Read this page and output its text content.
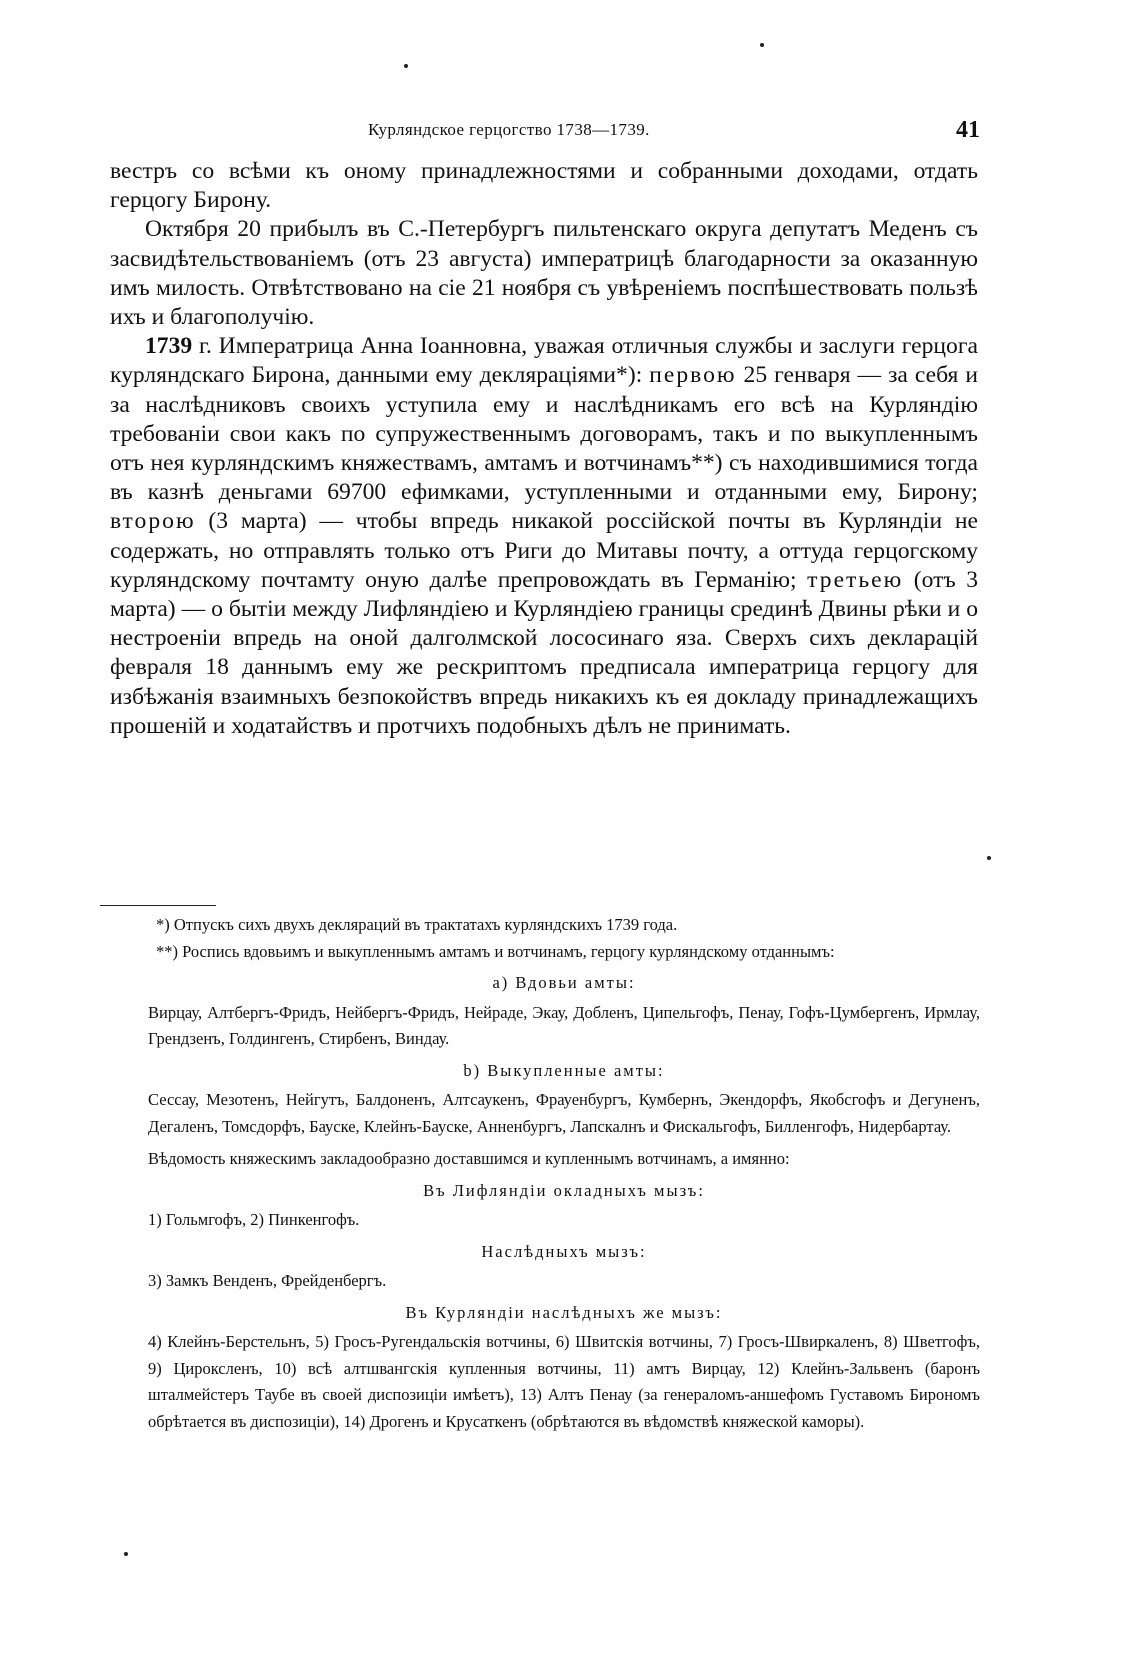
Курляндское герцогство 1738—1739.	41

вестръ со всѣми къ оному принадлежностями и собранными доходами, отдать герцогу Бирону.

Октября 20 прибылъ въ С.-Петербургъ пильтенскаго округа депутатъ Меденъ съ засвидѣтельствованіемъ (отъ 23 августа) императрицѣ благодарности за оказанную имъ милость. Отвѣтствовано на сіе 21 ноября съ увѣреніемъ поспѣшествовать пользѣ ихъ и благополучію.

1739 г. Императрица Анна Іоанновна, уважая отличныя службы и заслуги герцога курляндскаго Бирона, данными ему декляраціями*): первою 25 генваря — за себя и за наслѣдниковъ своихъ уступила ему и наслѣдникамъ его всѣ на Курляндію требованіи свои какъ по супружественнымъ договорамъ, такъ и по выкупленнымъ отъ нея курляндскимъ княжествамъ, амтамъ и вотчинамъ**) съ находившимися тогда въ казнѣ деньгами 69700 ефимками, уступленными и отданными ему, Бирону; второю (3 марта) — чтобы впредь никакой россійской почты въ Курляндіи не содержать, но отправлять только отъ Риги до Митавы почту, а оттуда герцогскому курляндскому почтамту оную далѣе препровождать въ Германію; третьею (отъ 3 марта) — о бытіи между Лифляндіею и Курляндіею границы срединѣ Двины рѣки и о нестроеніи впредь на оной далголмской лососинаго яза. Сверхъ сихъ декларацій февраля 18 даннымъ ему же рескриптомъ предписала императрица герцогу для избѣжанія взаимныхъ безпокойствъ впредь никакихъ къ ея докладу принадлежащихъ прошеній и ходатайствъ и протчихъ подобныхъ дѣлъ не принимать.

*) Отпускъ сихъ двухъ декляраций въ трактатахъ курляндскихъ 1739 года.

**) Роспись вдовьимъ и выкупленнымъ амтамъ и вотчинамъ, герцогу курляндскому отданнымъ:

a) Вдовьи амты:

Вирцау, Алтбергъ-Фридъ, Нейбергъ-Фридъ, Нейраде, Экау, Добленъ, Ципельгофъ, Пенау, Гофъ-Цумбергенъ, Ирмлау, Грендзенъ, Голдингенъ, Стирбенъ, Виндау.

b) Выкупленные амты:

Сессау, Мезотенъ, Нейгутъ, Балдоненъ, Алтсаукенъ, Фрауенбургъ, Кумбернъ, Экендорфъ, Якобсгофъ и Дегуненъ, Дегаленъ, Томсдорфъ, Бауске, Клейнъ-Бауске, Анненбургъ, Лапскалнъ и Фискальгофъ, Билленгофъ, Нидербартау.

Вѣдомость княжескимъ закладообразно доставшимся и купленнымъ вотчинамъ, а имянно:

Въ Лифляндіи окладныхъ мызъ:

1) Гольмгофъ, 2) Пинкенгофъ.

Наслѣдныхъ мызъ:

3) Замкъ Венденъ, Фрейденбергъ.

Въ Курляндіи наслѣдныхъ же мызъ:

4) Клейнъ-Берстельнъ, 5) Гросъ-Ругендальскія вотчины, 6) Швитскія вотчины, 7) Гросъ-Швиркаленъ, 8) Шветгофъ, 9) Цироксленъ, 10) всѣ алтшвангскія купленныя вотчины, 11) амтъ Вирцау, 12) Клейнъ-Зальвенъ (баронъ шталмейстеръ Таубе въ своей диспозиціи имѣетъ), 13) Алтъ Пенау (за генераломъ-аншефомъ Густавомъ Бирономъ обрѣтается въ диспозиціи), 14) Дрогенъ и Крусаткенъ (обрѣтаются въ вѣдомствѣ княжеской каморы).
